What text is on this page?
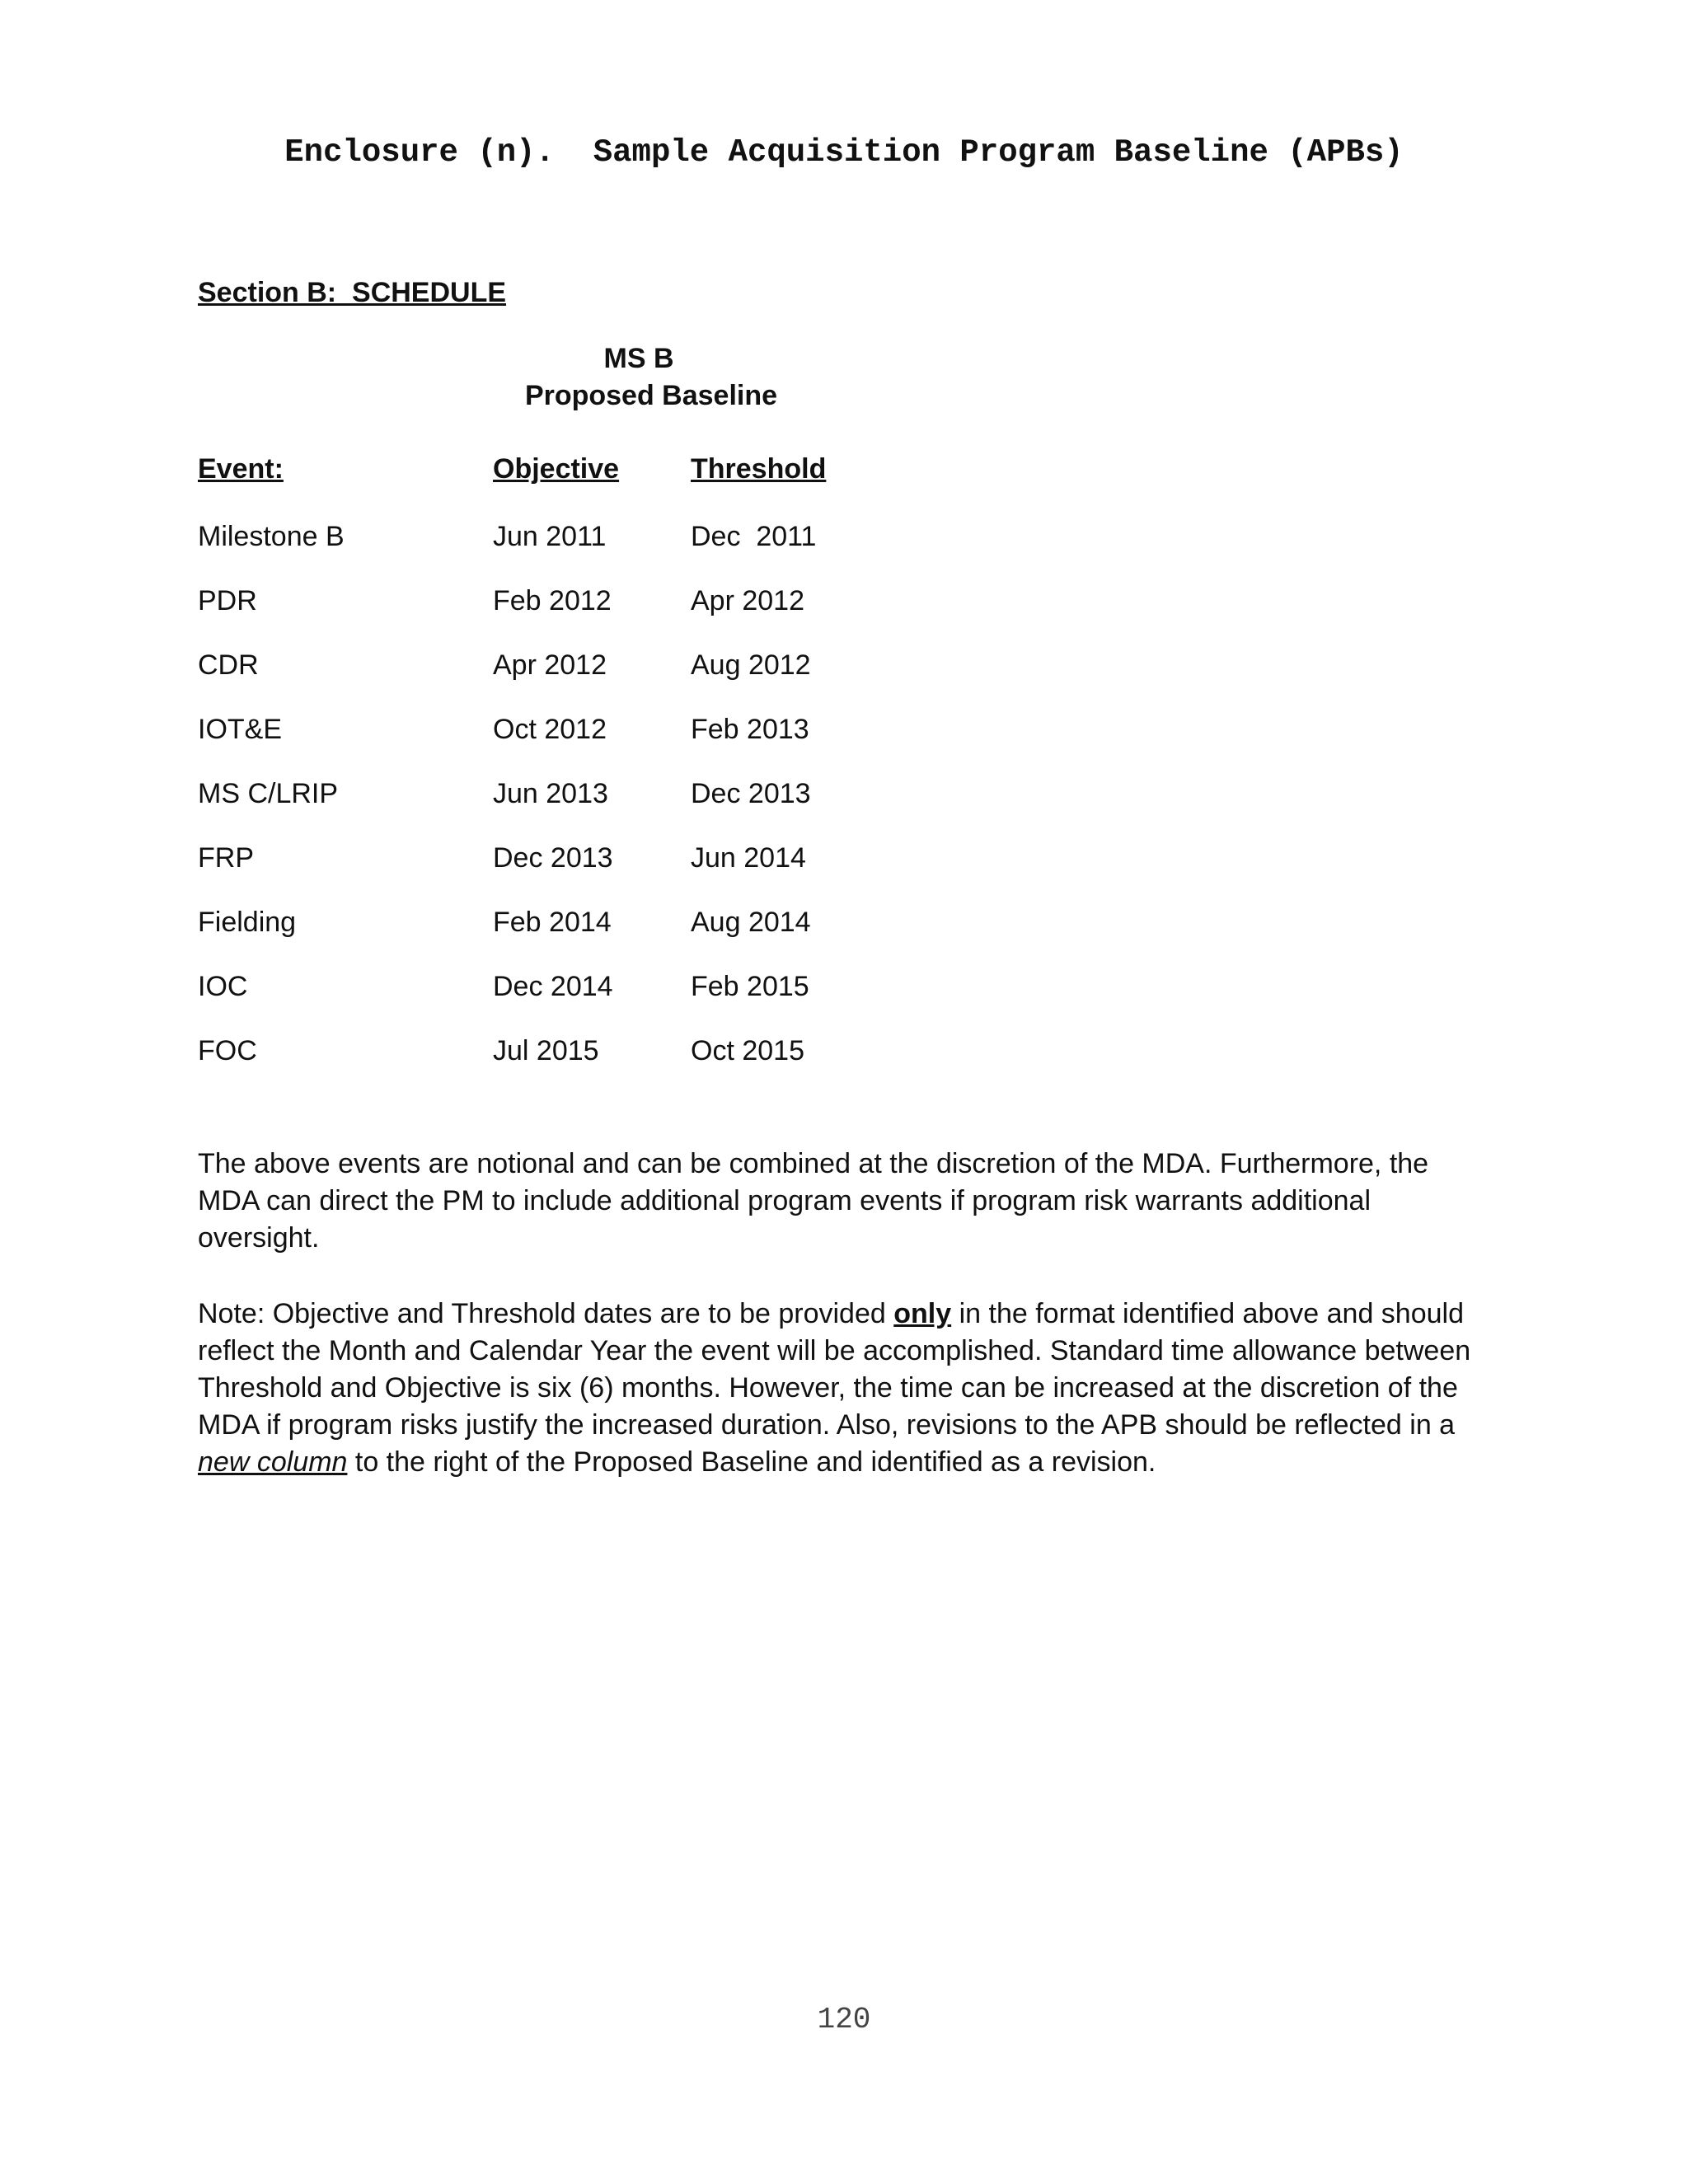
Enclosure (n).  Sample Acquisition Program Baseline (APBs)
Section B:  SCHEDULE
MS B
Proposed Baseline
Event:	Objective	Threshold
Milestone B	Jun 2011	Dec  2011
PDR	Feb 2012	Apr 2012
CDR	Apr 2012	Aug 2012
IOT&E	Oct 2012	Feb 2013
MS C/LRIP	Jun 2013	Dec 2013
FRP	Dec 2013	Jun 2014
Fielding	Feb 2014	Aug 2014
IOC	Dec 2014	Feb 2015
FOC	Jul 2015	Oct 2015

The above events are notional and can be combined at the discretion of the MDA. Furthermore, the MDA can direct the PM to include additional program events if program risk warrants additional oversight.

Note: Objective and Threshold dates are to be provided only in the format identified above and should reflect the Month and Calendar Year the event will be accomplished. Standard time allowance between Threshold and Objective is six (6) months. However, the time can be increased at the discretion of the MDA if program risks justify the increased duration. Also, revisions to the APB should be reflected in a new column to the right of the Proposed Baseline and identified as a revision.

120
